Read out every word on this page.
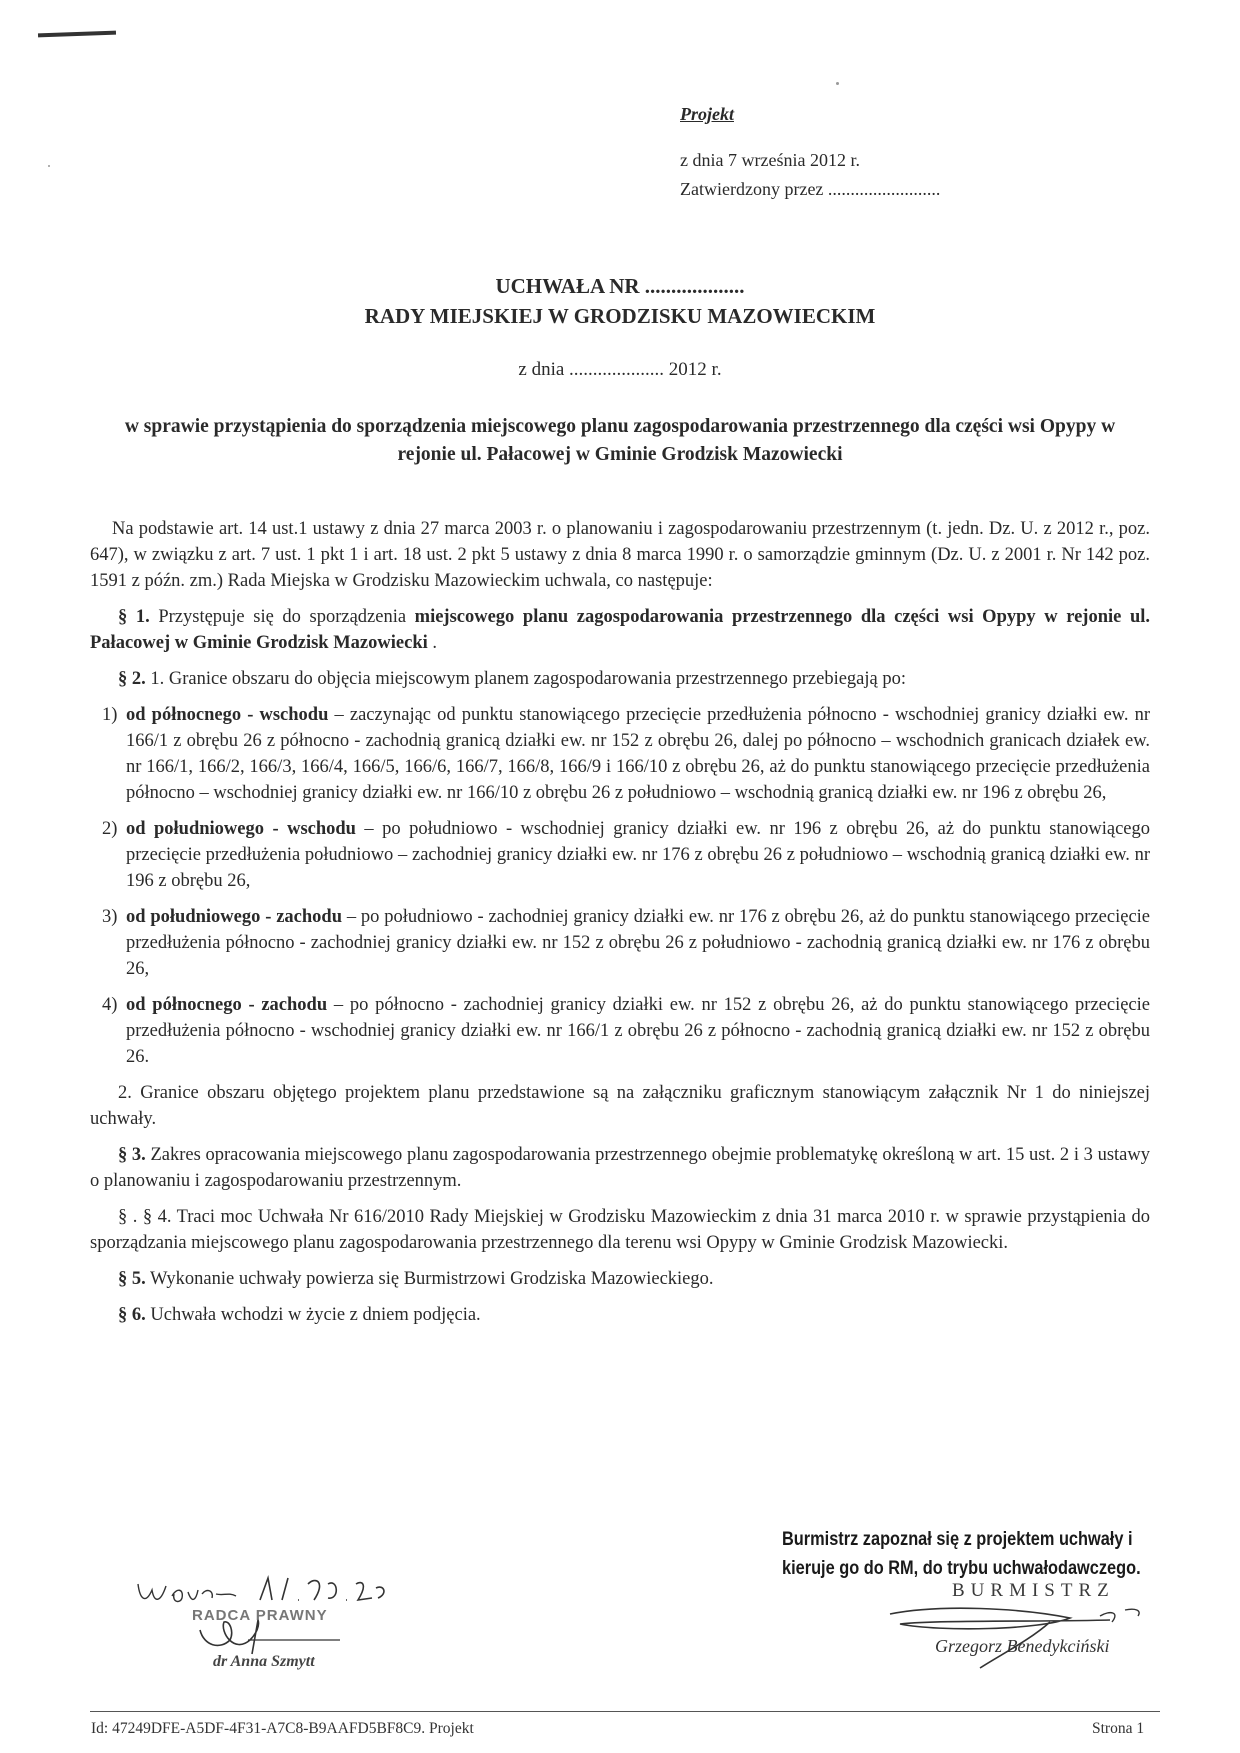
Projekt
z dnia 7 września 2012 r.
Zatwierdzony przez .........................
UCHWAŁA NR ...................
RADY MIEJSKIEJ W GRODZISKU MAZOWIECKIM
z dnia .................... 2012 r.
w sprawie przystąpienia do sporządzenia miejscowego planu zagospodarowania przestrzennego dla części wsi Opypy w rejonie ul. Pałacowej w Gminie Grodzisk Mazowiecki

Na podstawie art. 14 ust.1 ustawy z dnia 27 marca 2003 r. o planowaniu i zagospodarowaniu przestrzennym (t. jedn. Dz. U. z 2012 r., poz. 647), w związku z art. 7 ust. 1 pkt 1 i art. 18 ust. 2 pkt 5 ustawy z dnia 8 marca 1990 r. o samorządzie gminnym (Dz. U. z 2001 r. Nr 142 poz. 1591 z późn. zm.) Rada Miejska w Grodzisku Mazowieckim uchwala, co następuje:

§ 1. Przystępuje się do sporządzenia miejscowego planu zagospodarowania przestrzennego dla części wsi Opypy w rejonie ul. Pałacowej w Gminie Grodzisk Mazowiecki .

§ 2. 1. Granice obszaru do objęcia miejscowym planem zagospodarowania przestrzennego przebiegają po:

1) od północnego - wschodu – zaczynając od punktu stanowiącego przecięcie przedłużenia północno - wschodniej granicy działki ew. nr 166/1 z obrębu 26 z północno - zachodnią granicą działki ew. nr 152 z obrębu 26, dalej po północno – wschodnich granicach działek ew. nr 166/1, 166/2, 166/3, 166/4, 166/5, 166/6, 166/7, 166/8, 166/9 i 166/10 z obrębu 26, aż do punktu stanowiącego przecięcie przedłużenia północno – wschodniej granicy działki ew. nr 166/10 z obrębu 26 z południowo – wschodnią granicą działki ew. nr 196 z obrębu 26,

2) od południowego - wschodu – po południowo - wschodniej granicy działki ew. nr 196 z obrębu 26, aż do punktu stanowiącego przecięcie przedłużenia południowo – zachodniej granicy działki ew. nr 176 z obrębu 26 z południowo – wschodnią granicą działki ew. nr 196 z obrębu 26,

3) od południowego - zachodu – po południowo - zachodniej granicy działki ew. nr 176 z obrębu 26, aż do punktu stanowiącego przecięcie przedłużenia północno - zachodniej granicy działki ew. nr 152 z obrębu 26 z południowo - zachodnią granicą działki ew. nr 176 z obrębu 26,

4) od północnego - zachodu – po północno - zachodniej granicy działki ew. nr 152 z obrębu 26, aż do punktu stanowiącego przecięcie przedłużenia północno - wschodniej granicy działki ew. nr 166/1 z obrębu 26 z północno - zachodnią granicą działki ew. nr 152 z obrębu 26.

2. Granice obszaru objętego projektem planu przedstawione są na załączniku graficznym stanowiącym załącznik Nr 1 do niniejszej uchwały.

§ 3. Zakres opracowania miejscowego planu zagospodarowania przestrzennego obejmie problematykę określoną w art. 15 ust. 2 i 3 ustawy o planowaniu i zagospodarowaniu przestrzennym.

§ . § 4. Traci moc Uchwała Nr 616/2010 Rady Miejskiej w Grodzisku Mazowieckim z dnia 31 marca 2010 r. w sprawie przystąpienia do sporządzania miejscowego planu zagospodarowania przestrzennego dla terenu wsi Opypy w Gminie Grodzisk Mazowiecki.

§ 5. Wykonanie uchwały powierza się Burmistrzowi Grodziska Mazowieckiego.

§ 6. Uchwała wchodzi w życie z dniem podjęcia.

Burmistrz zapoznał się z projektem uchwały i
kieruje go do RM, do trybu uchwałodawczego.
BURMISTRZ
Grzegorz Benedykciński
RADCA PRAWNY
dr Anna Szmytt
Id: 47249DFE-A5DF-4F31-A7C8-B9AAFD5BF8C9. Projekt	Strona 1
